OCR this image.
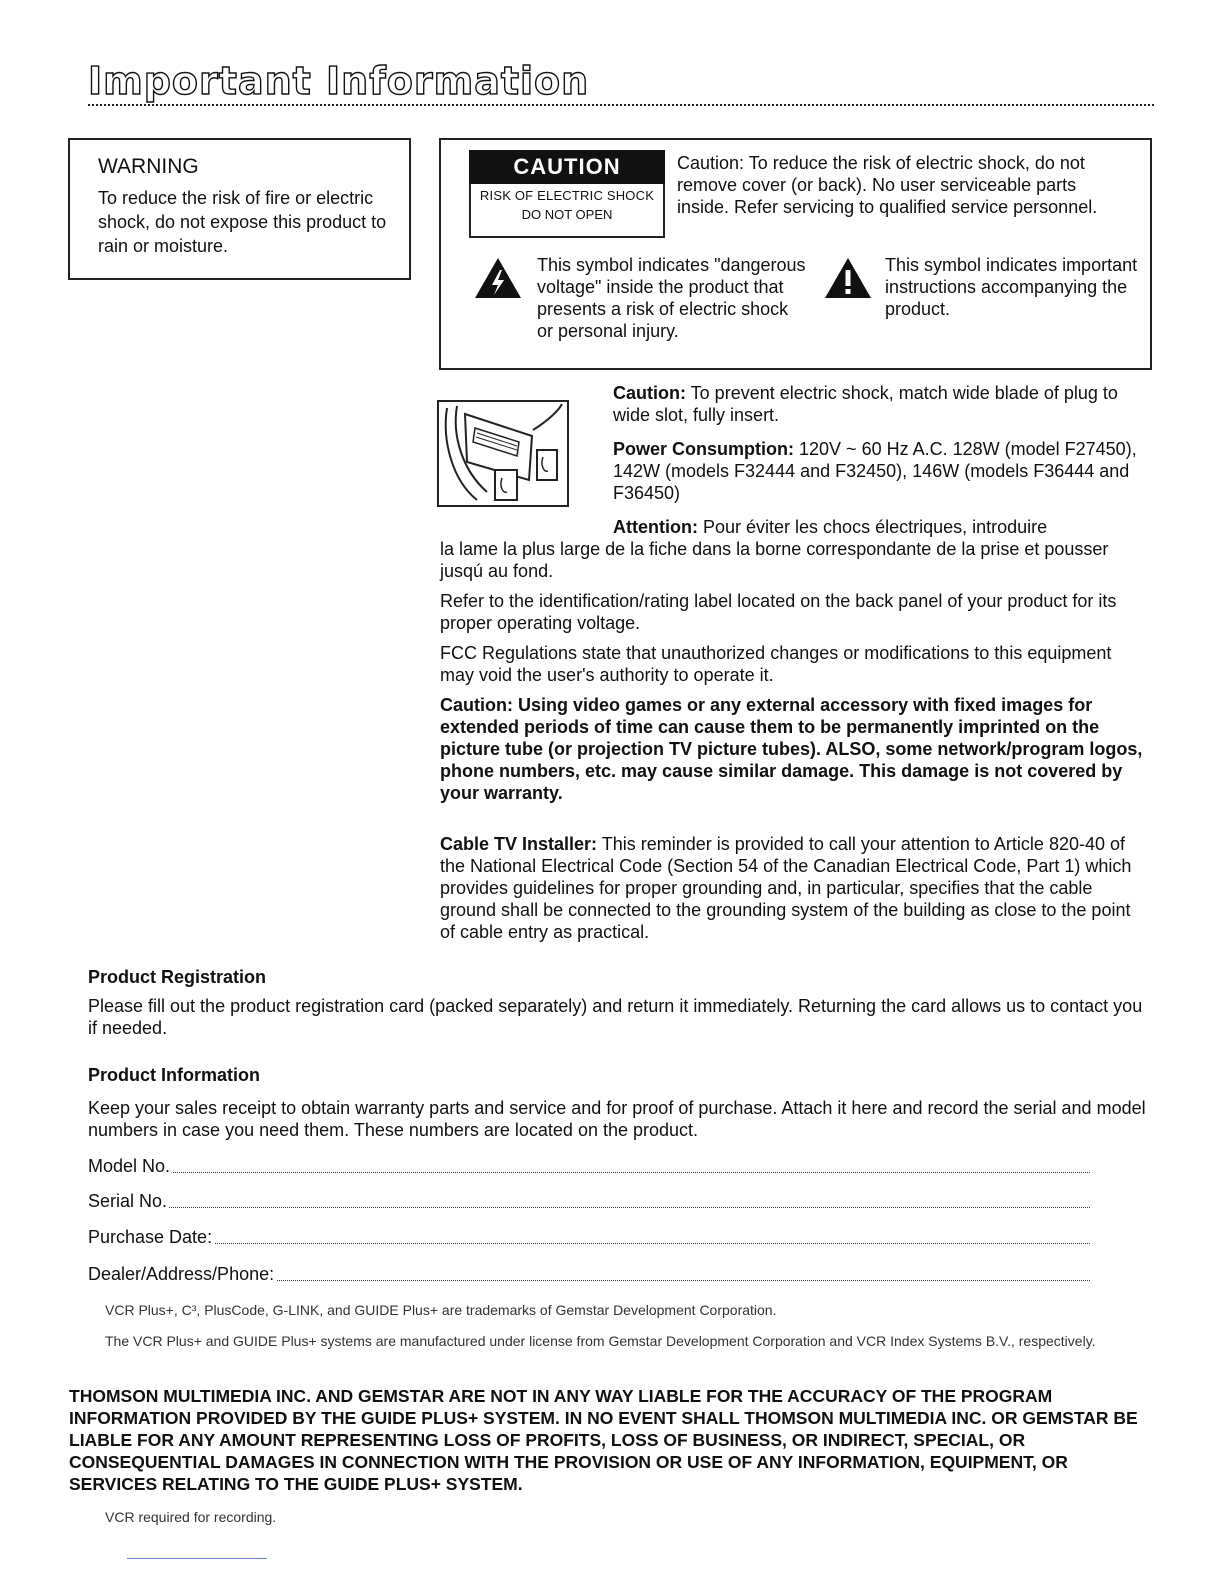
Important Information
WARNING
To reduce the risk of fire or electric shock, do not expose this product to rain or moisture.
CAUTION
RISK OF ELECTRIC SHOCK
DO NOT OPEN
Caution: To reduce the risk of electric shock, do not remove cover (or back). No user serviceable parts inside. Refer servicing to qualified service personnel.
This symbol indicates "dangerous voltage" inside the product that presents a risk of electric shock or personal injury.
This symbol indicates important instructions accompanying the product.
Caution: To prevent electric shock, match wide blade of plug to wide slot, fully insert.
Power Consumption: 120V ~ 60 Hz A.C. 128W (model F27450), 142W (models F32444 and F32450), 146W (models F36444 and F36450)
Attention: Pour éviter les chocs électriques, introduire
la lame la plus large de la fiche dans la borne correspondante de la prise et pousser jusqú au fond.
Refer to the identification/rating label located on the back panel of your product for its proper operating voltage.
FCC Regulations state that unauthorized changes or modifications to this equipment may void the user's authority to operate it.
Caution: Using video games or any external accessory with fixed images for extended periods of time can cause them to be permanently imprinted on the picture tube (or projection TV picture tubes). ALSO, some network/program logos, phone numbers, etc. may cause similar damage. This damage is not covered by your warranty.
Cable TV Installer: This reminder is provided to call your attention to Article 820-40 of the National Electrical Code (Section 54 of the Canadian Electrical Code, Part 1) which provides guidelines for proper grounding and, in particular, specifies that the cable ground shall be connected to the grounding system of the building as close to the point of cable entry as practical.
Product Registration
Please fill out the product registration card (packed separately) and return it immediately. Returning the card allows us to contact you if needed.
Product Information
Keep your sales receipt to obtain warranty parts and service and for proof of purchase. Attach it here and record the serial and model numbers in case you need them. These numbers are located on the product.
Model No.
Serial No.
Purchase Date:
Dealer/Address/Phone:
VCR Plus+, C³, PlusCode, G-LINK, and GUIDE Plus+ are trademarks of Gemstar Development Corporation.
The VCR Plus+ and GUIDE Plus+ systems are manufactured under license from Gemstar Development Corporation and VCR Index Systems B.V., respectively.
THOMSON MULTIMEDIA INC. AND GEMSTAR ARE NOT IN ANY WAY LIABLE FOR THE ACCURACY OF THE PROGRAM INFORMATION PROVIDED BY THE GUIDE PLUS+ SYSTEM. IN NO EVENT SHALL THOMSON MULTIMEDIA INC. OR GEMSTAR BE LIABLE FOR ANY AMOUNT REPRESENTING LOSS OF PROFITS, LOSS OF BUSINESS, OR INDIRECT, SPECIAL, OR CONSEQUENTIAL DAMAGES IN CONNECTION WITH THE PROVISION OR USE OF ANY INFORMATION, EQUIPMENT, OR SERVICES RELATING TO THE GUIDE PLUS+ SYSTEM.
VCR required for recording.
